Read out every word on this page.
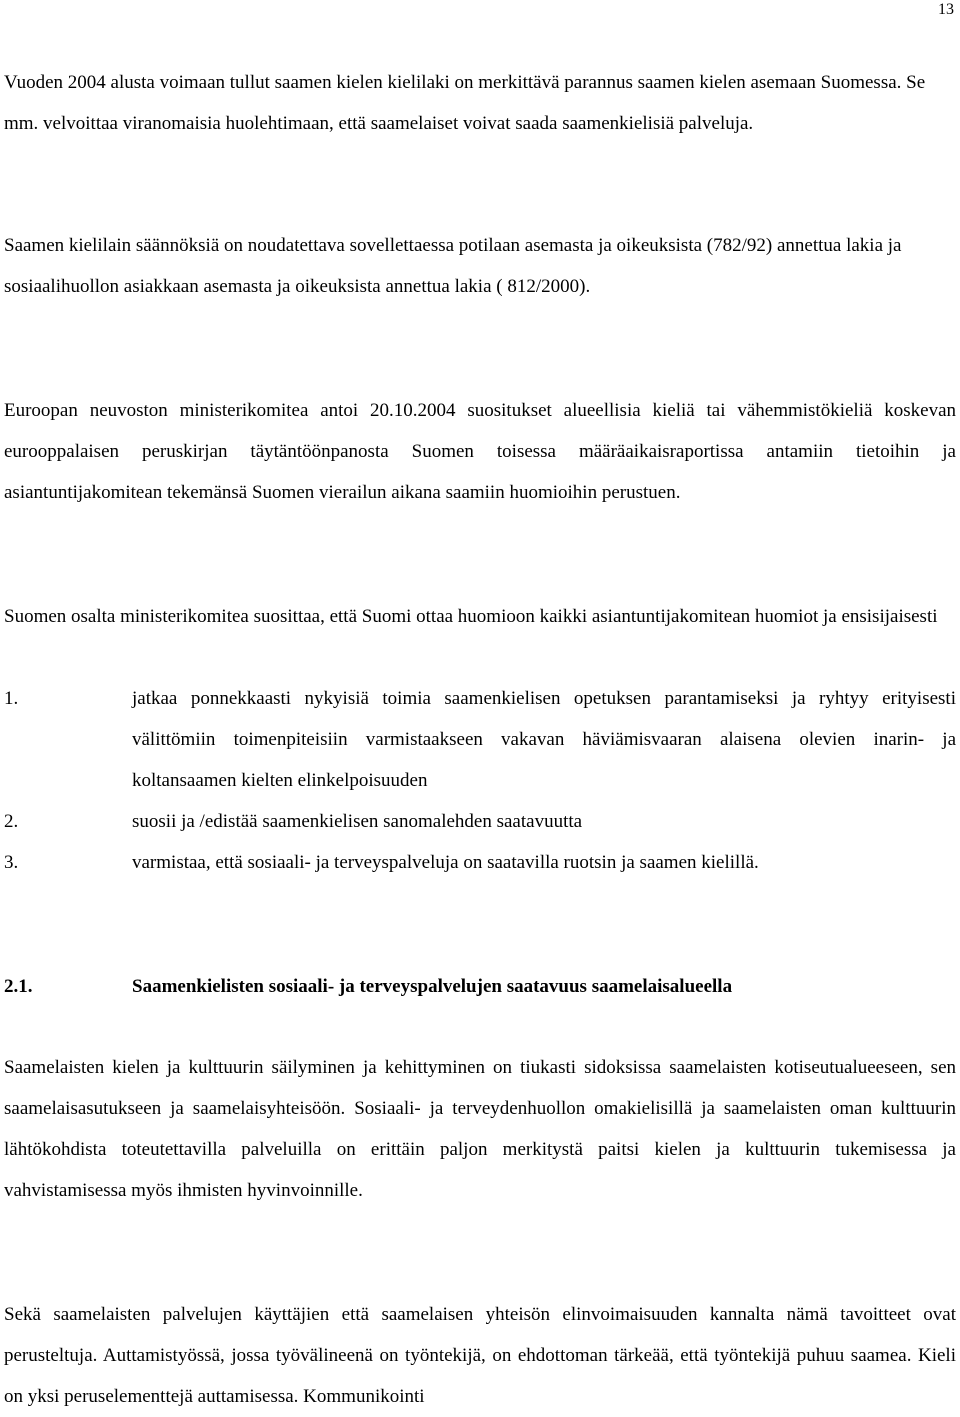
13

Vuoden 2004 alusta voimaan tullut saamen kielen kielilaki on merkittävä parannus saamen kielen asemaan Suomessa. Se mm. velvoittaa viranomaisia huolehtimaan, että saamelaiset voivat saada saamenkielisiä palveluja.

Saamen kielilain säännöksiä on noudatettava sovellettaessa potilaan asemasta ja oikeuksista (782/92) annettua lakia ja sosiaalihuollon asiakkaan asemasta ja oikeuksista annettua lakia ( 812/2000).

Euroopan neuvoston ministerikomitea antoi 20.10.2004 suositukset alueellisia kieliä tai vähemmistökieliä koskevan eurooppalaisen peruskirjan täytäntöönpanosta Suomen toisessa määräaikaisraportissa antamiin tietoihin ja asiantuntijakomitean tekemänsä Suomen vierailun aikana saamiin huomioihin perustuen.

Suomen osalta ministerikomitea suosittaa, että Suomi ottaa huomioon kaikki asiantuntijakomitean huomiot ja ensisijaisesti

1.	jatkaa ponnekkaasti nykyisiä toimia saamenkielisen opetuksen parantamiseksi ja ryhtyy erityisesti välittömiin toimenpiteisiin varmistaakseen vakavan häviämisvaaran alaisena olevien inarin- ja koltansaamen kielten elinkelpoisuuden
2.	suosii ja /edistää saamenkielisen sanomalehden saatavuutta
3.	varmistaa, että sosiaali- ja terveyspalveluja on saatavilla ruotsin ja saamen kielillä.
2.1.	Saamenkielisten sosiaali- ja terveyspalvelujen saatavuus saamelaisalueella

Saamelaisten kielen ja kulttuurin säilyminen ja kehittyminen on tiukasti sidoksissa saamelaisten kotiseutualueeseen, sen saamelaisasutukseen ja saamelaisyhteisöön. Sosiaali- ja terveydenhuollon omakielisillä ja saamelaisten oman kulttuurin lähtökohdista toteutettavilla palveluilla on erittäin paljon merkitystä paitsi kielen ja kulttuurin tukemisessa ja vahvistamisessa myös ihmisten hyvinvoinnille.

Sekä saamelaisten palvelujen käyttäjien että saamelaisen yhteisön elinvoimaisuuden kannalta nämä tavoitteet ovat perusteltuja. Auttamistyössä, jossa työvälineenä on työntekijä, on ehdottoman tärkeää, että työntekijä puhuu saamea. Kieli on yksi peruselementtejä auttamisessa. Kommunikointi
